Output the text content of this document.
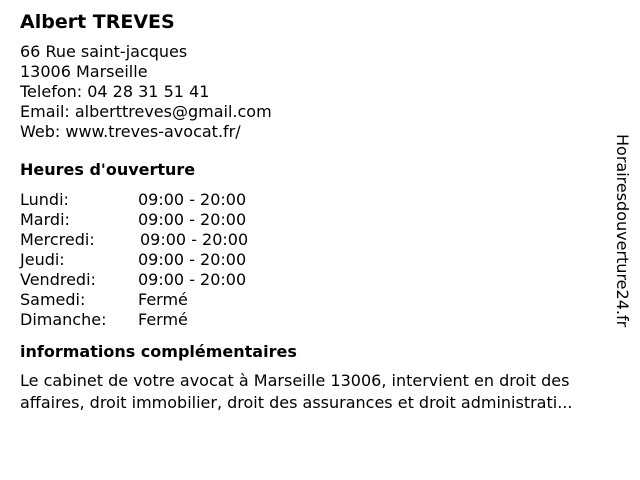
Albert TREVES
66 Rue saint-jacques
13006 Marseille
Telefon: 04 28 31 51 41
Email: alberttreves@gmail.com
Web: www.treves-avocat.fr/
Heures d'ouverture
Lundi:	09:00 - 20:00
Mardi:	09:00 - 20:00
Mercredi:	09:00 - 20:00
Jeudi:	09:00 - 20:00
Vendredi:	09:00 - 20:00
Samedi:	Fermé
Dimanche: Fermé
informations complémentaires
Le cabinet de votre avocat à Marseille 13006, intervient en droit des affaires, droit immobilier, droit des assurances et droit administrati...
Horairesdouverture24.fr
